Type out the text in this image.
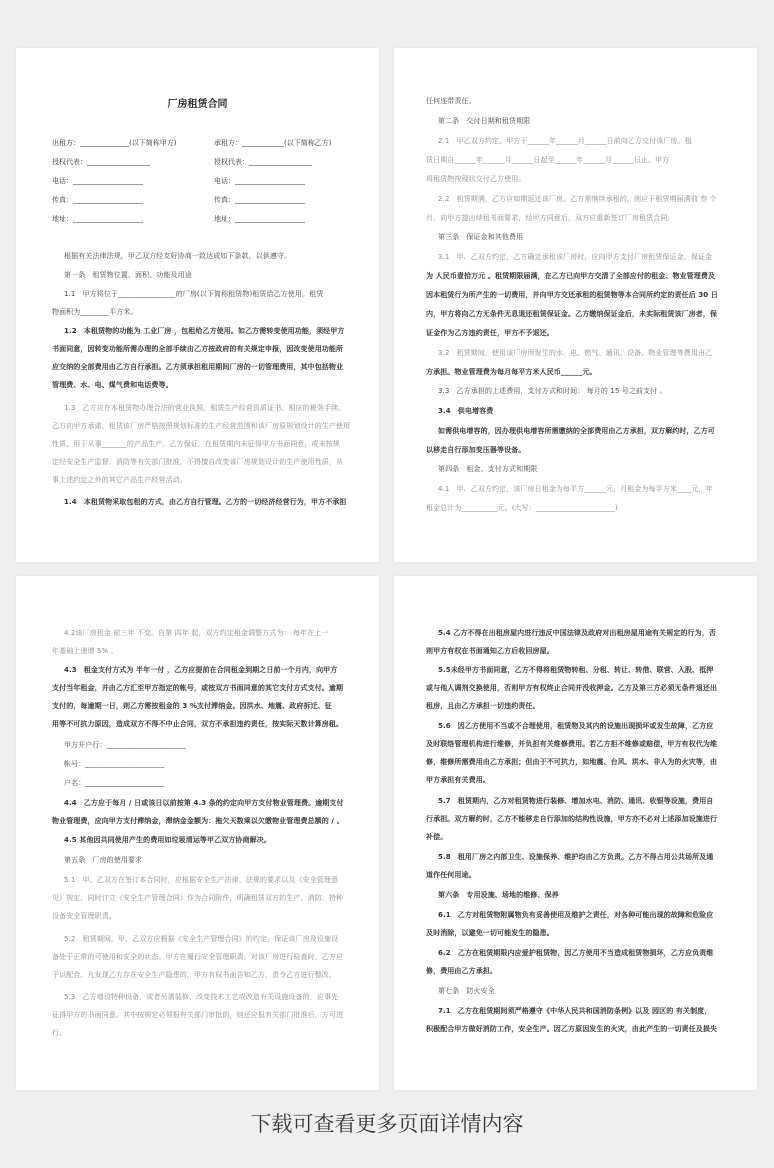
厂房租赁合同
出租方：______________(以下简称甲方)	承租方：____________(以下简称乙方)
授权代表：__________________	授权代表：__________________
电话：____________________	电话：____________________
传真：____________________	传真：____________________
地址：____________________	地址：____________________
根据有关法律法规，甲乙双方经友好协商一致达成如下条款，以供遵守。
第一条　租赁物位置、面积、功能及用途
1.1　甲方将位于________________的厂房(以下简称租赁物)租赁给乙方使用。租赁
物面积为________平方米。
1.2　本租赁物的功能为 工业厂房 ，包租给乙方使用。如乙方需转变使用功能，须经甲方
书面同意，因转变功能所需办理的全部手续由乙方按政府的有关规定申报，因改变使用功能所
应交纳的全部费用由乙方自行承担。乙方须承担租用期间厂房的一切管理费用，其中包括物业
管理费、水、电、煤气费和电话费等。
1.3　乙方应在本租赁物办理合法的营业执照、租赁生产经营资质证书、相应的税务手续。
乙方向甲方承诺，租赁该厂房严格按照规划标准的生产经营范围和该厂房原规划设计的生产使用
性质，用于从事_______的产品生产。乙方保证，在租赁期内未征得甲方书面同意，或未按规
定经安全生产监督、消防等有关部门批准，不得擅自改变该厂房规划设计的生产使用性质，从
事上述约定之外的其它产品生产经营活动。
1.4　本租赁物采取包租的方式，由乙方自行管理。乙方的一切经济经营行为，甲方不承担
任何连带责任。
第二条　交付日期和租赁期限
2.1　甲乙双方约定，甲方于______年______月______日前向乙方交付该厂房。租
赁日期自______年______月______日起至______年______月______日止。甲方
将租赁物按现状交付乙方使用。
2.2　租赁期满，乙方应如期返还该厂房。乙方需继续承租的，则应于租赁期届满前 叁 个
月，向甲方提出续租书面要求，经甲方同意后，双方应重新签订厂房租赁合同。
第三条　保证金和其他费用
3.1　甲、乙双方约定，乙方确定承租该厂房时，应向甲方支付厂房租赁保证金，保证金
为 人民币壹拾万元 。租赁期限届满，在乙方已向甲方交清了全部应付的租金、物业管理费及
因本租赁行为所产生的一切费用，并向甲方交还承租的租赁物等本合同所约定的责任后 30 日
内，甲方将向乙方无条件无息退还租赁保证金。乙方缴纳保证金后，未实际租赁该厂房者，保
证金作为乙方违约责任，甲方不予退还。
3.2　租赁期间，使用该厂房所发生的水、电、燃气、通讯、设备、物业管理等费用由乙
方承担。物业管理费为每月每平方米人民币______元。
3.3　乙方承担的上述费用，支付方式和时间： 每月的 15 号之前支付 。
3.4　供电增容费
如需供电增容的，因办理供电增容所需缴纳的全部费用由乙方承担，双方解约时，乙方可
以移走自行添加变压器等设备。
第四条　租金、支付方式和期限
4.1　甲、乙双方约定，该厂房日租金为每平方______元，月租金为每平方米____元，年
租金总计为__________元。(大写：______________________)
4.2该厂房租金 前三年 不变。自第 四年 起，双方约定租金调整方式为： 每年在上一
年基础上递增 5% 。
4.3　租金支付方式为 半年一付 ，乙方应提前在合同租金到期之日前一个月内，向甲方
支付当年租金，并由乙方汇至甲方指定的帐号，或按双方书面同意的其它支付方式支付。逾期
支付的，每逾期一日，则乙方需按租金的 3 %支付滞纳金。因洪水、地震、政府拆迁、征
用等不可抗力原因，造成双方不得不中止合同，双方不承担违约责任，按实际天数计算房租。
甲方开户行：______________________
帐号：______________________
户名：______________________
4.4　乙方应于每月 / 日或该日以前按第 4.3 条的约定向甲方支付物业管理费。逾期支付
物业管理费，应向甲方支付滞纳金，滞纳金金额为：拖欠天数乘以欠缴物业管理费总额的 / 。
4.5 其他因共同使用产生的费用如垃圾清运等甲乙双方协商解决。
第五条　厂房的使用要求
5.1　甲、乙双方在签订本合同时，应根据安全生产法律、法规的要求以及《安全管理意
见》规定，同时订立《安全生产管理合同》作为合同附件，明确租赁双方的生产、消防、特种
设备安全管理职责。
5.2　租赁期间，甲、乙双方应根据《安全生产管理合同》的约定，保证该厂房及设施设
备处于正常的可使用和安全的状态。甲方在履行安全管理职责，对该厂房进行检查时，乙方应
予以配合。凡发现乙方存在安全生产隐患的，甲方有权书面告知乙方，责令乙方进行整改。
5.3　乙方增设特种设备，或者另需装修、改变技术工艺或改造有关设施设备的，应事先
征得甲方的书面同意。其中按规定必须报有关部门审批的，则还应报有关部门批准后，方可进
行。
5.4 乙方不得在出租房屋内进行违反中国法律及政府对出租房屋用途有关规定的行为，否
则甲方有权在书面通知乙方后收回房屋。
5.5未经甲方书面同意，乙方不得将租赁物转租、分租、转让、转借、联营、入股、抵押
或与他人调剂交换使用，否则甲方有权终止合同并没收押金。乙方及第三方必须无条件退还出
租房，且由乙方承担一切违约责任。
5.6　因乙方使用不当或不合理使用，租赁物及其内的设施出现损坏或发生故障，乙方应
及时联络管理机构进行维修，并负担有关维修费用。若乙方拒不维修或赔偿，甲方有权代为维
修，维修所需费用由乙方承担；但由于不可抗力，如地震、台风、洪水、非人为的火灾等，由
甲方承担有关费用。
5.7　租赁期内，乙方对租赁物进行装修、增加水电、消防、通讯、收银等设施，费用自
行承担。双方解约时，乙方不能移走自行添加的结构性设施，甲方亦不必对上述添加设施进行
补偿。
5.8　租用厂房之内部卫生、设施保养、维护均由乙方负责。乙方不得占用公共场所及通
道作任何用途。
第六条　专用设施、场地的维修、保养
6.1　乙方对租赁物附属物负有妥善使用及维护之责任，对各种可能出现的故障和危险应
及时消除，以避免一切可能发生的隐患。
6.2　乙方在租赁期限内应爱护租赁物，因乙方使用不当造成租赁物损坏，乙方应负责维
修，费用由乙方承担。
第七条　防火安全
7.1　乙方在租赁期间须严格遵守《中华人民共和国消防条例》以及 园区的 有关制度，
积极配合甲方做好消防工作，安全生产。因乙方原因发生的火灾，由此产生的一切责任及损失
下载可查看更多页面详情内容
